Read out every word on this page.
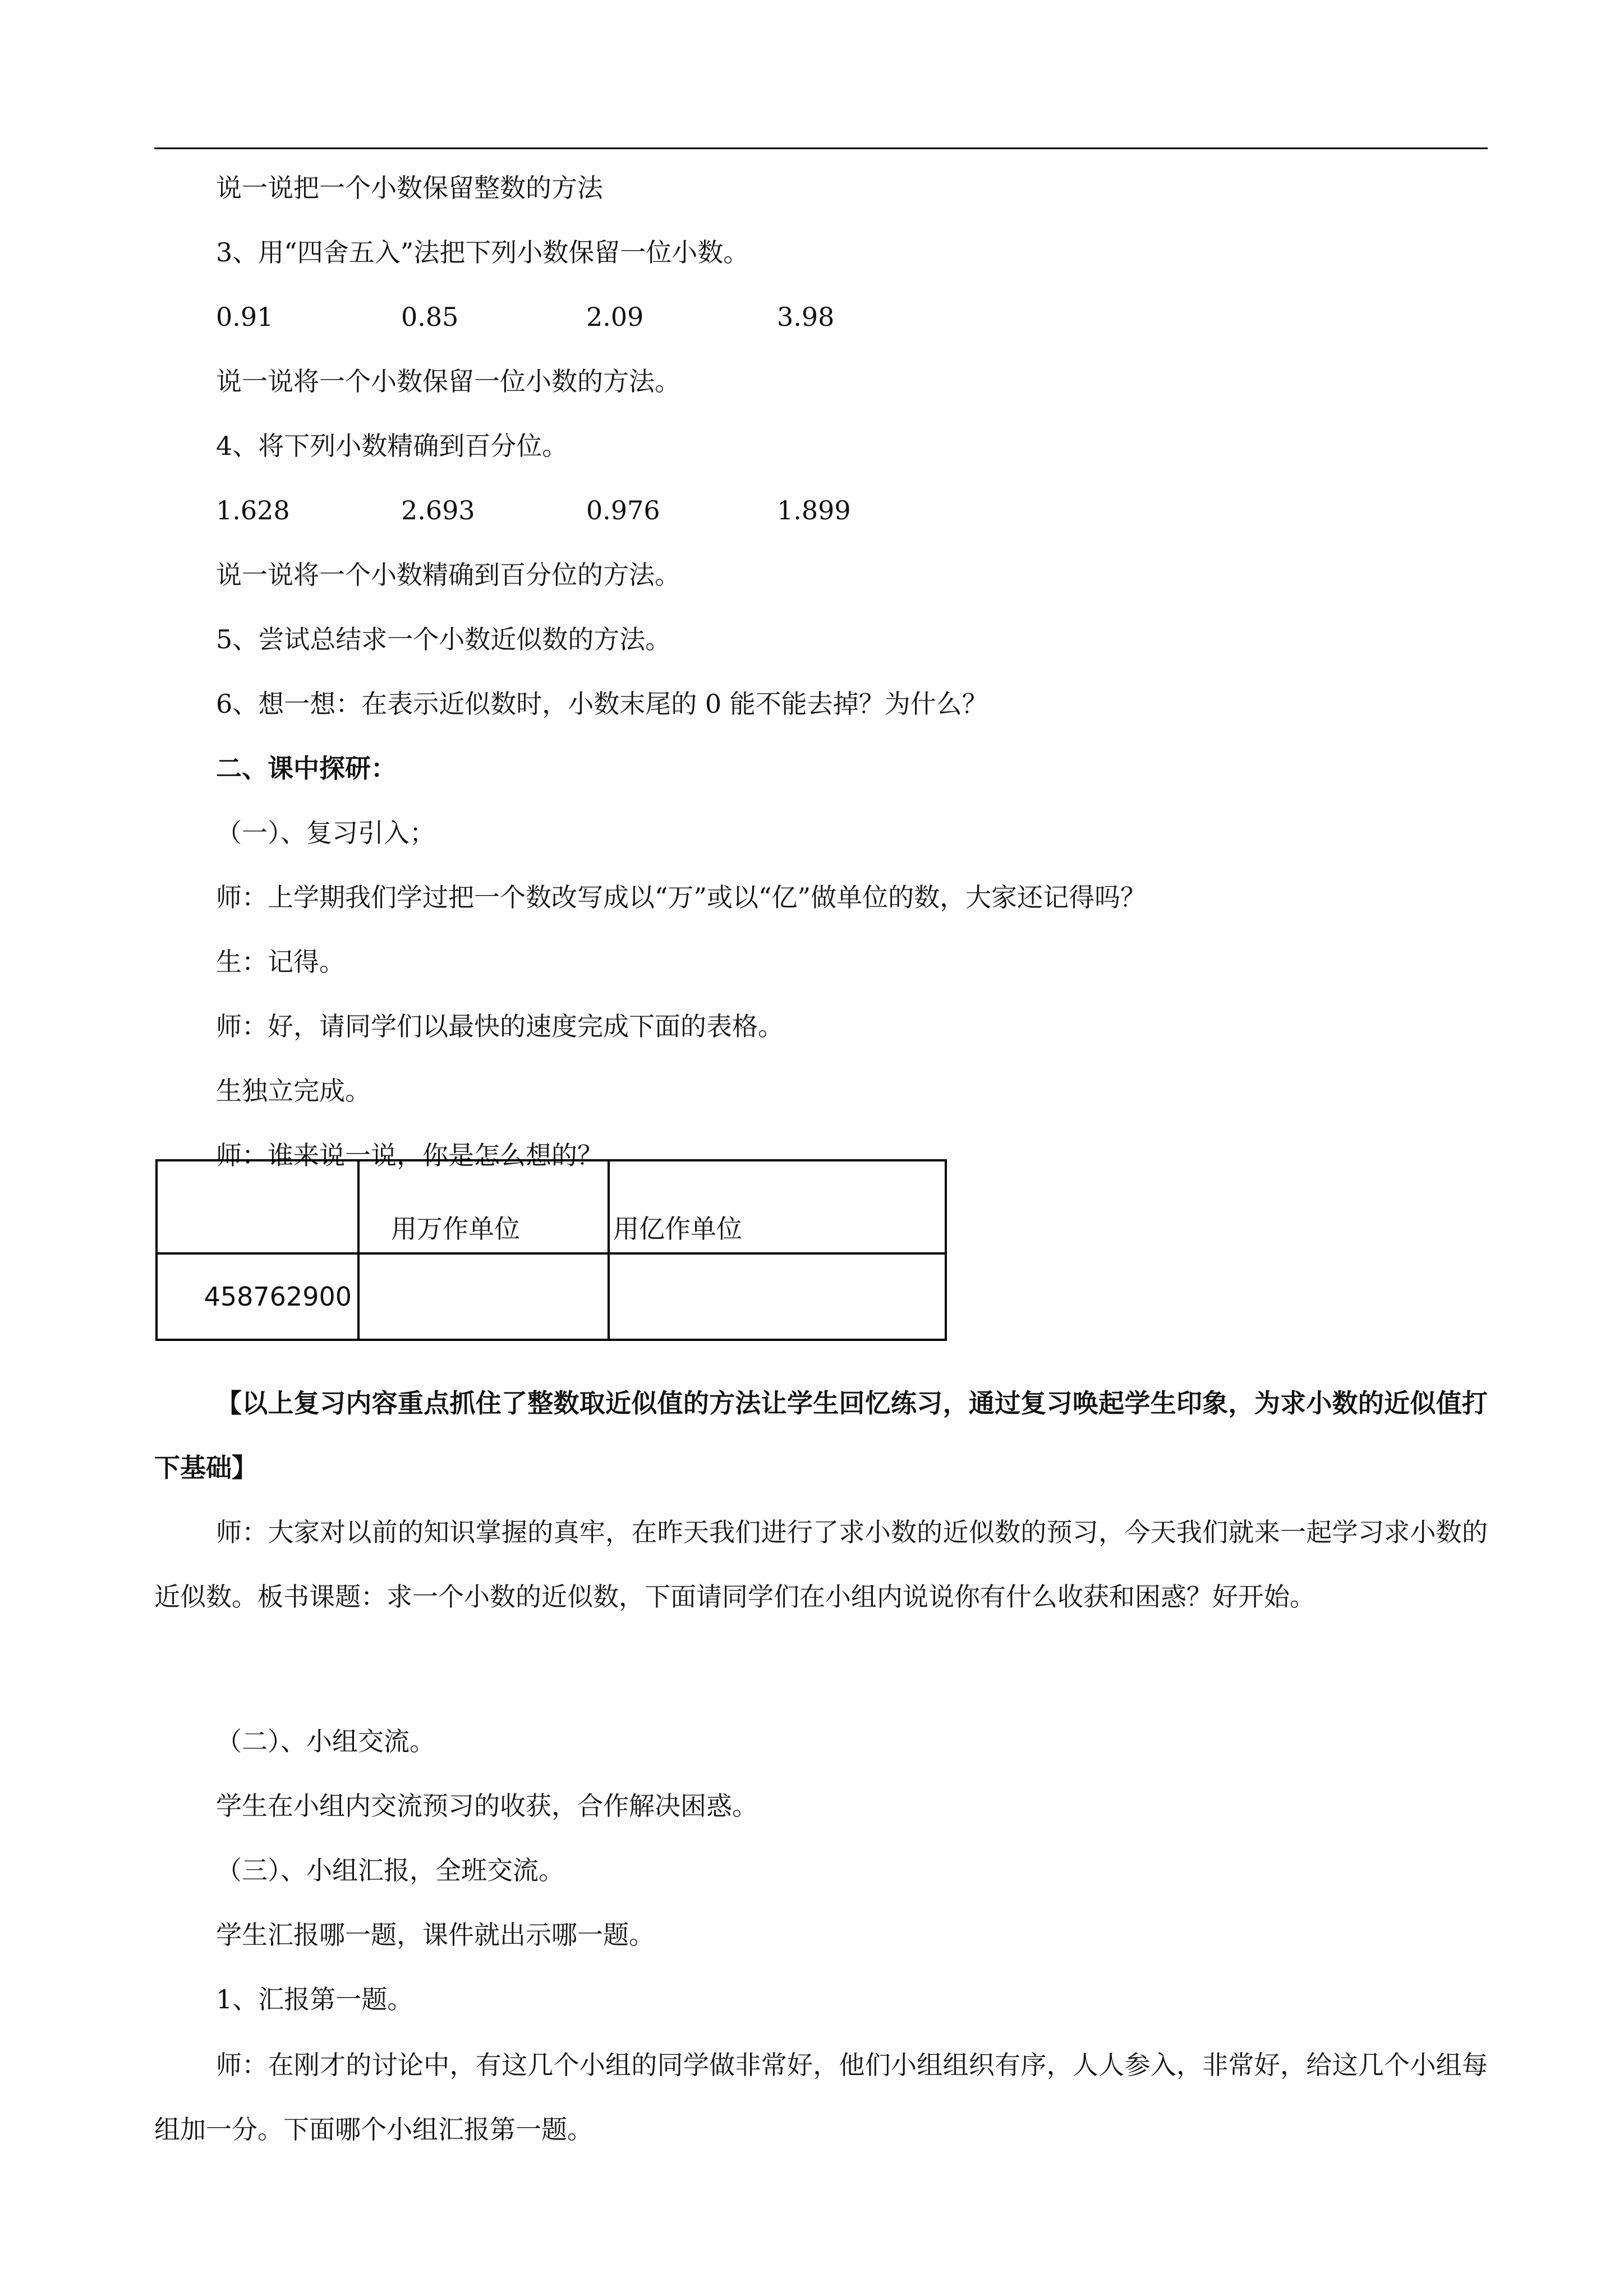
说一说把一个小数保留整数的方法
3、用“四舍五入”法把下列小数保留一位小数。
0.91	0.85	2.09	3.98
说一说将一个小数保留一位小数的方法。
4、将下列小数精确到百分位。
1.628	2.693	0.976	1.899
说一说将一个小数精确到百分位的方法。
5、尝试总结求一个小数近似数的方法。
6、想一想：在表示近似数时，小数末尾的 0 能不能去掉？为什么？
二、课中探研：
（一）、复习引入；
师：上学期我们学过把一个数改写成以“万”或以“亿”做单位的数，大家还记得吗？
生：记得。
师：好，请同学们以最快的速度完成下面的表格。
生独立完成。
师：谁来说一说，你是怎么想的？
	用万作单位	用亿作单位
458762900		
【以上复习内容重点抓住了整数取近似值的方法让学生回忆练习，通过复习唤起学生印象，为求小数的近似值打下基础】
师：大家对以前的知识掌握的真牢，在昨天我们进行了求小数的近似数的预习，今天我们就来一起学习求小数的近似数。板书课题：求一个小数的近似数，下面请同学们在小组内说说你有什么收获和困惑？好开始。
（二）、小组交流。
学生在小组内交流预习的收获，合作解决困惑。
（三）、小组汇报，全班交流。
学生汇报哪一题，课件就出示哪一题。
1、汇报第一题。
师：在刚才的讨论中，有这几个小组的同学做非常好，他们小组组织有序，人人参入，非常好，给这几个小组每组加一分。下面哪个小组汇报第一题。
